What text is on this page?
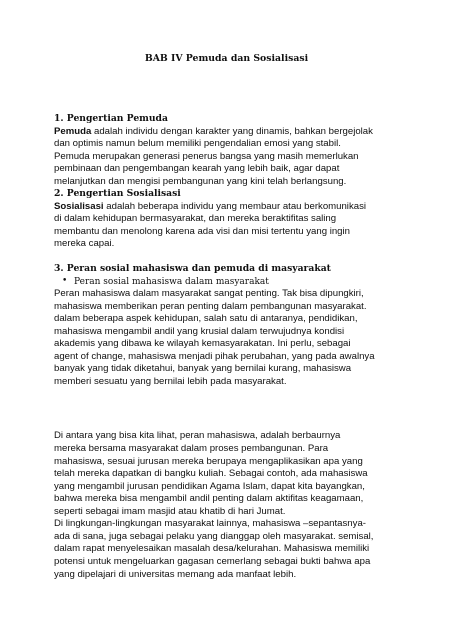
BAB IV Pemuda dan Sosialisasi

1. Pengertian Pemuda

Pemuda adalah individu dengan karakter yang dinamis, bahkan bergejolak

dan optimis namun belum memiliki pengendalian emosi yang stabil.

Pemuda merupakan generasi penerus bangsa yang masih memerlukan

pembinaan dan pengembangan kearah yang lebih baik, agar dapat

melanjutkan dan mengisi pembangunan yang kini telah berlangsung.

2. Pengertian Sosialisasi

Sosialisasi adalah beberapa individu yang membaur atau berkomunikasi

di dalam kehidupan bermasyarakat, dan mereka beraktifitas saling

membantu dan menolong karena ada visi dan misi tertentu yang ingin

mereka capai.

3. Peran sosial mahasiswa dan pemuda di masyarakat

• Peran sosial mahasiswa dalam masyarakat

Peran mahasiswa dalam masyarakat sangat penting. Tak bisa dipungkiri,

mahasiswa memberikan peran penting dalam pembangunan masyarakat.

dalam beberapa aspek kehidupan, salah satu di antaranya, pendidikan,

mahasiswa mengambil andil yang krusial dalam terwujudnya kondisi

akademis yang dibawa ke wilayah kemasyarakatan. Ini perlu, sebagai

agent of change, mahasiswa menjadi pihak perubahan, yang pada awalnya

banyak yang tidak diketahui, banyak yang bernilai kurang, mahasiswa

memberi sesuatu yang bernilai lebih pada masyarakat.

Di antara yang bisa kita lihat, peran mahasiswa, adalah berbaurnya

mereka bersama masyarakat dalam proses pembangunan. Para

mahasiswa, sesuai jurusan mereka berupaya mengaplikasikan apa yang

telah mereka dapatkan di bangku kuliah. Sebagai contoh, ada mahasiswa

yang mengambil jurusan pendidikan Agama Islam, dapat kita bayangkan,

bahwa mereka bisa mengambil andil penting dalam aktifitas keagamaan,

seperti sebagai imam masjid atau khatib di hari Jumat.

Di lingkungan-lingkungan masyarakat lainnya, mahasiswa –sepantasnya-

ada di sana, juga sebagai pelaku yang dianggap oleh masyarakat. semisal,

dalam rapat menyelesaikan masalah desa/kelurahan. Mahasiswa memiliki

potensi untuk mengeluarkan gagasan cemerlang sebagai bukti bahwa apa

yang dipelajari di universitas memang ada manfaat lebih.
